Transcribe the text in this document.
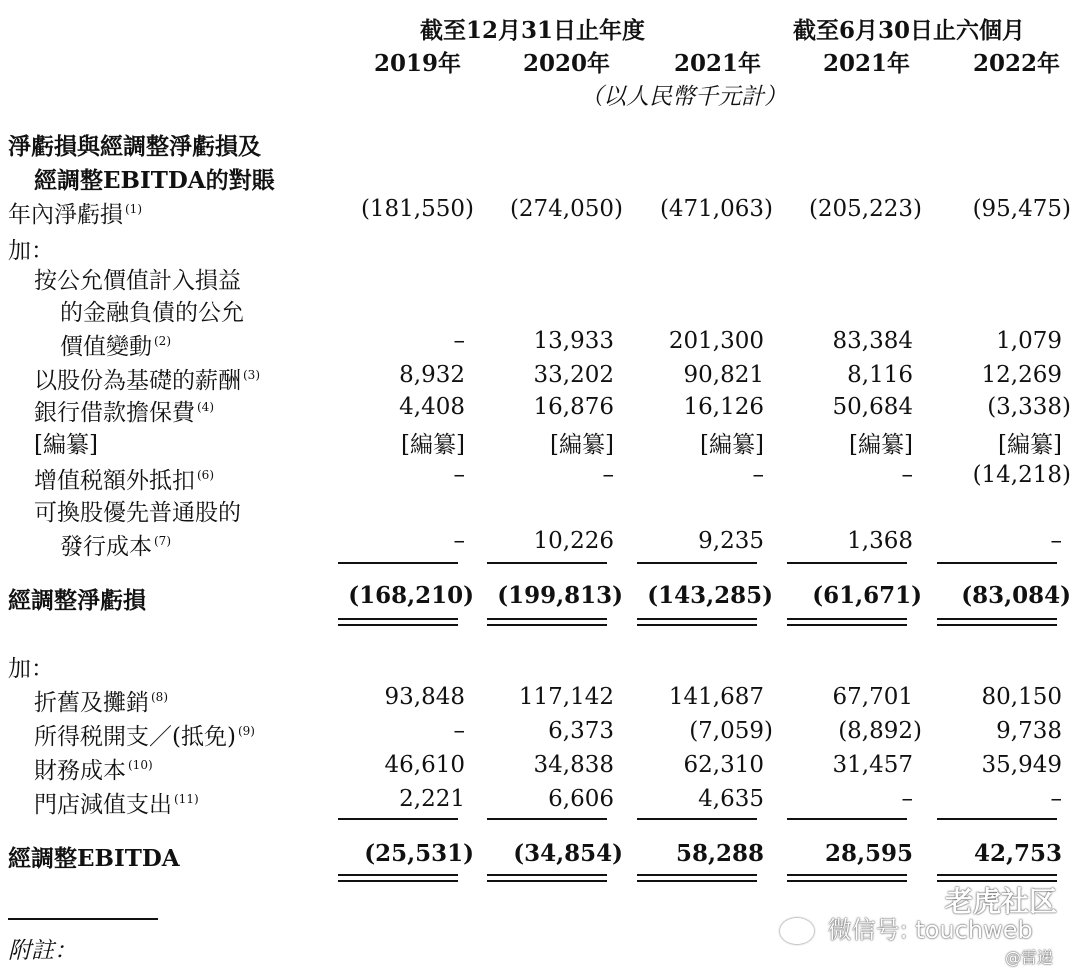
截至12月31日止年度	截至6月30日止六個月
2019年	2020年	2021年	2021年	2022年
（以人民幣千元計）
淨虧損與經調整淨虧損及
經調整EBITDA的對賬
年內淨虧損 $^{(1)}$	(181,550)	(274,050)	(471,063)	(205,223)	(95,475)
加：
按公允價值計入損益
的金融負債的公允
價值變動 $^{(2)}$	–	13,933	201,300	83,384	1,079
以股份為基礎的薪酬 $^{(3)}$	8,932	33,202	90,821	8,116	12,269
銀行借款擔保費 $^{(4)}$	4,408	16,876	16,126	50,684	(3,338)
[編纂]	[編纂]	[編纂]	[編纂]	[編纂]	[編纂]
增值税額外抵扣 $^{(6)}$	–	–	–	–	(14,218)
可換股優先普通股的
發行成本 $^{(7)}$	–	10,226	9,235	1,368	–
經調整淨虧損	(168,210)	(199,813)	(143,285)	(61,671)	(83,084)
加：
折舊及攤銷 $^{(8)}$	93,848	117,142	141,687	67,701	80,150
所得税開支／(抵免) $^{(9)}$	–	6,373	(7,059)	(8,892)	9,738
財務成本 $^{(10)}$	46,610	34,838	62,310	31,457	35,949
門店減值支出 $^{(11)}$	2,221	6,606	4,635	–	–
經調整EBITDA	(25,531)	(34,854)	58,288	28,595	42,753
附註：
微信号: touchweb
老虎社区
@雷递
